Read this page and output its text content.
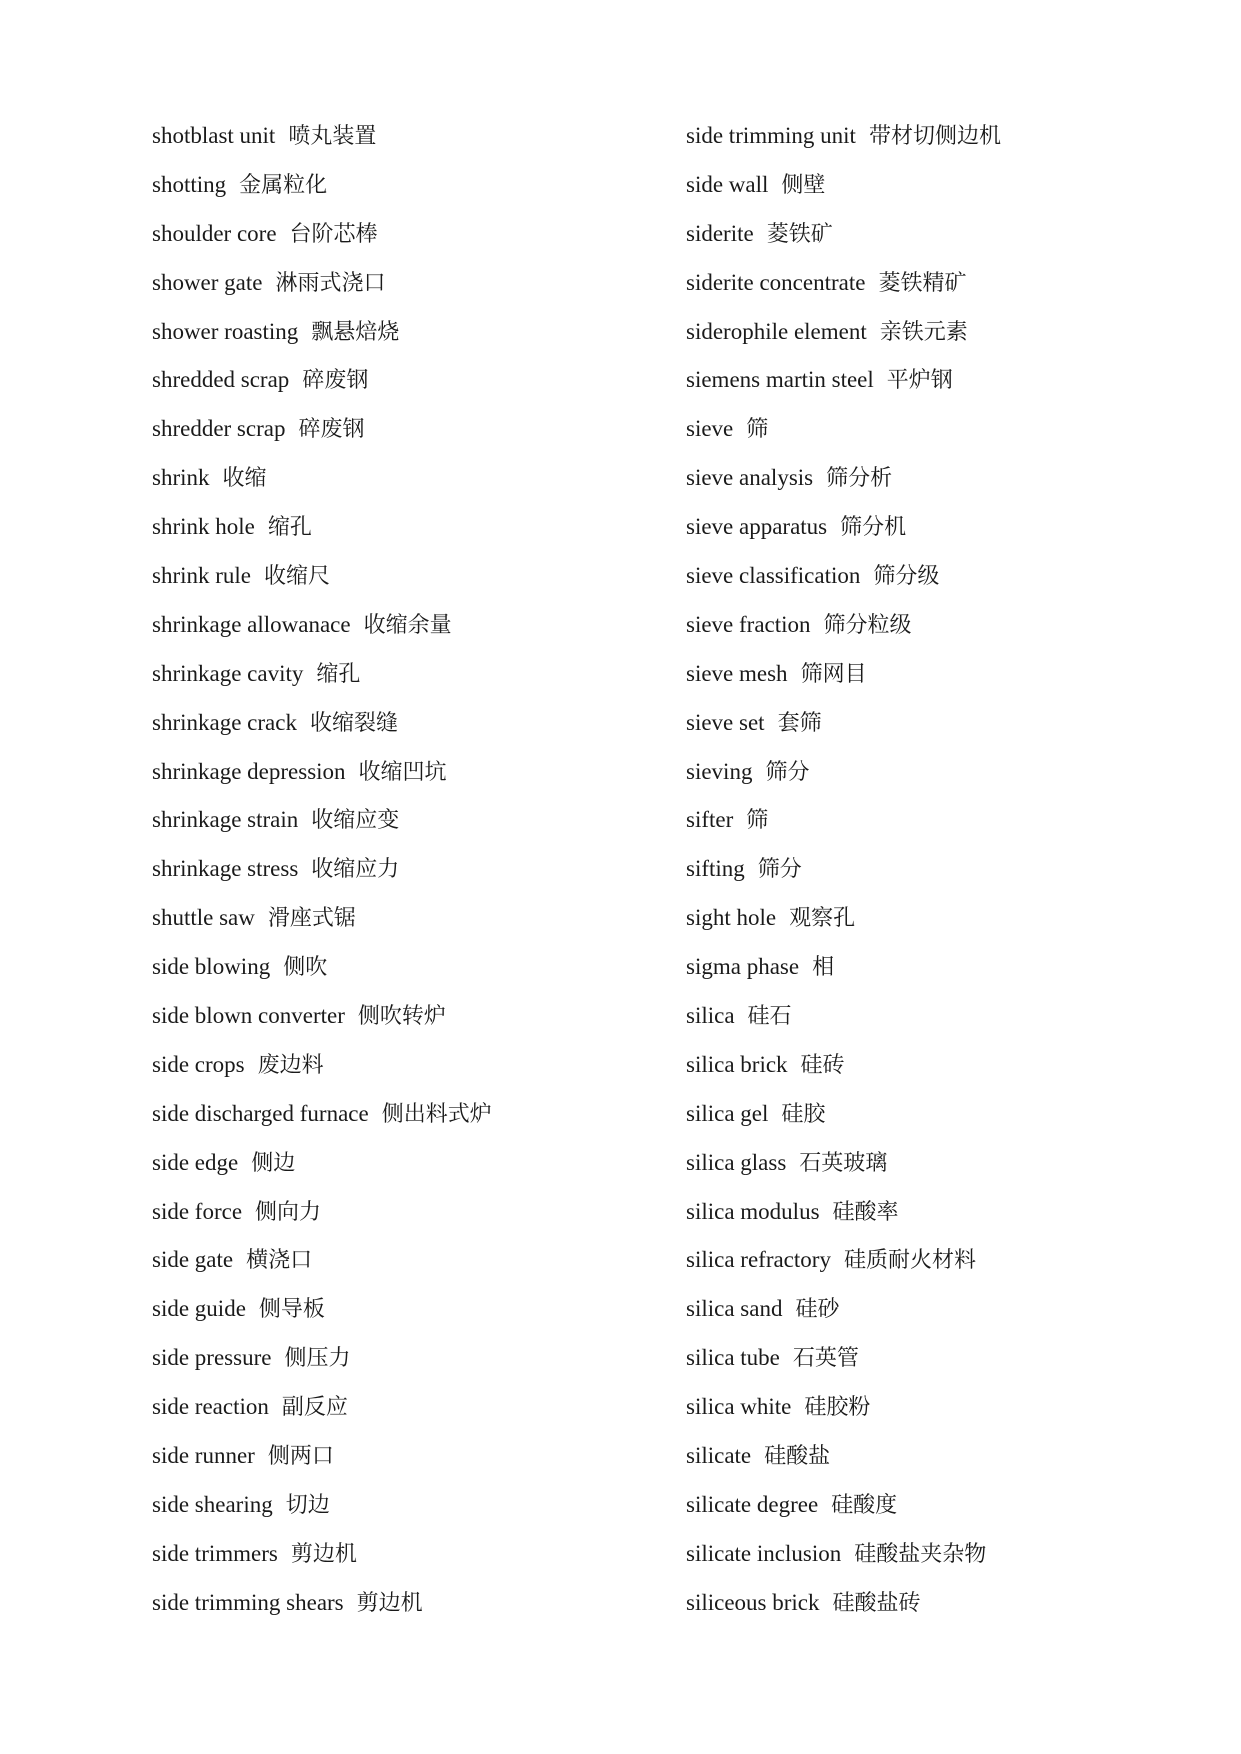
shotblast unit 喷丸装置
shotting 金属粒化
shoulder core 台阶芯棒
shower gate 淋雨式浇口
shower roasting 飘悬焙烧
shredded scrap 碎废钢
shredder scrap 碎废钢
shrink 收缩
shrink hole 缩孔
shrink rule 收缩尺
shrinkage allowanace 收缩余量
shrinkage cavity 缩孔
shrinkage crack 收缩裂缝
shrinkage depression 收缩凹坑
shrinkage strain 收缩应变
shrinkage stress 收缩应力
shuttle saw 滑座式锯
side blowing 侧吹
side blown converter 侧吹转炉
side crops 废边料
side discharged furnace 侧出料式炉
side edge 侧边
side force 侧向力
side gate 横浇口
side guide 侧导板
side pressure 侧压力
side reaction 副反应
side runner 侧两口
side shearing 切边
side trimmers 剪边机
side trimming shears 剪边机
side trimming unit 带材切侧边机
side wall 侧壁
siderite 菱铁矿
siderite concentrate 菱铁精矿
siderophile element 亲铁元素
siemens martin steel 平炉钢
sieve 筛
sieve analysis 筛分析
sieve apparatus 筛分机
sieve classification 筛分级
sieve fraction 筛分粒级
sieve mesh 筛网目
sieve set 套筛
sieving 筛分
sifter 筛
sifting 筛分
sight hole 观察孔
sigma phase 相
silica 硅石
silica brick 硅砖
silica gel 硅胶
silica glass 石英玻璃
silica modulus 硅酸率
silica refractory 硅质耐火材料
silica sand 硅砂
silica tube 石英管
silica white 硅胶粉
silicate 硅酸盐
silicate degree 硅酸度
silicate inclusion 硅酸盐夹杂物
siliceous brick 硅酸盐砖
